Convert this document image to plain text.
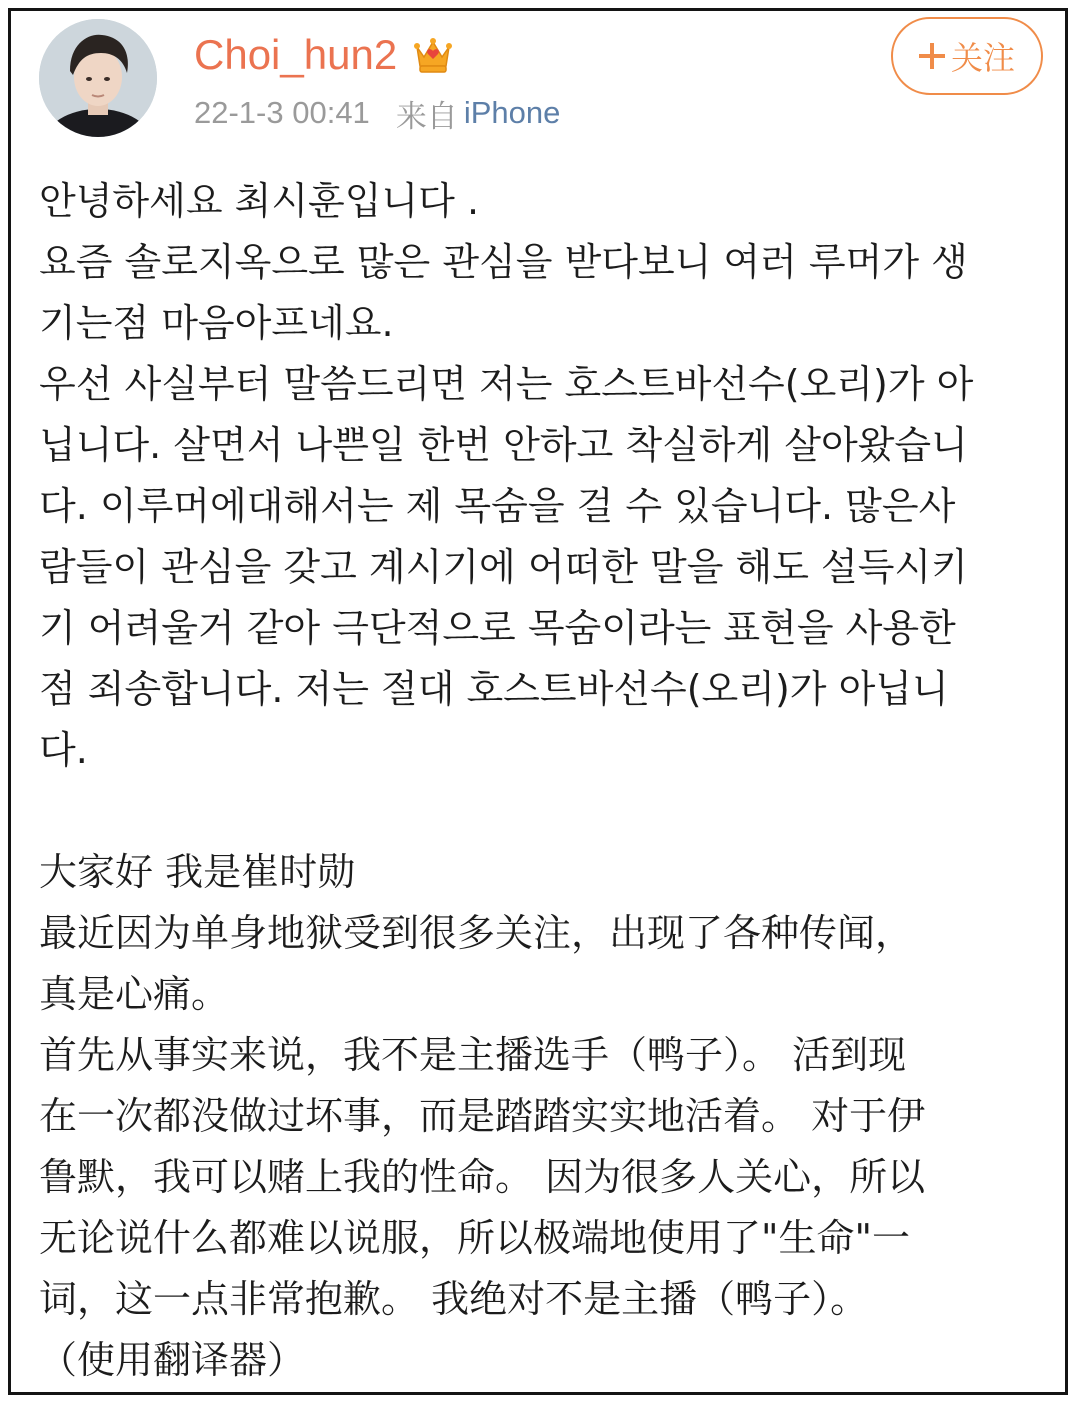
Choi_hun2
22-1-3 00:41 来自 iPhone
关注

안녕하세요 최시훈입니다 .

요즘 솔로지옥으로 많은 관심을 받다보니 여러 루머가 생

기는점 마음아프네요.

우선 사실부터 말씀드리면 저는 호스트바선수(오리)가 아

닙니다. 살면서 나쁜일 한번 안하고 착실하게 살아왔습니

다. 이루머에대해서는 제 목숨을 걸 수 있습니다. 많은사

람들이 관심을 갖고 계시기에 어떠한 말을 해도 설득시키

기 어려울거 같아 극단적으로 목숨이라는 표현을 사용한

점 죄송합니다. 저는 절대 호스트바선수(오리)가 아닙니

다.

大家好 我是崔时勋

最近因为单身地狱受到很多关注，出现了各种传闻，

真是心痛。

首先从事实来说，我不是主播选手（鸭子）。 活到现

在一次都没做过坏事，而是踏踏实实地活着。 对于伊

鲁默，我可以赌上我的性命。 因为很多人关心，所以

无论说什么都难以说服，所以极端地使用了"生命"一

词，这一点非常抱歉。 我绝对不是主播（鸭子）。

（使用翻译器）
